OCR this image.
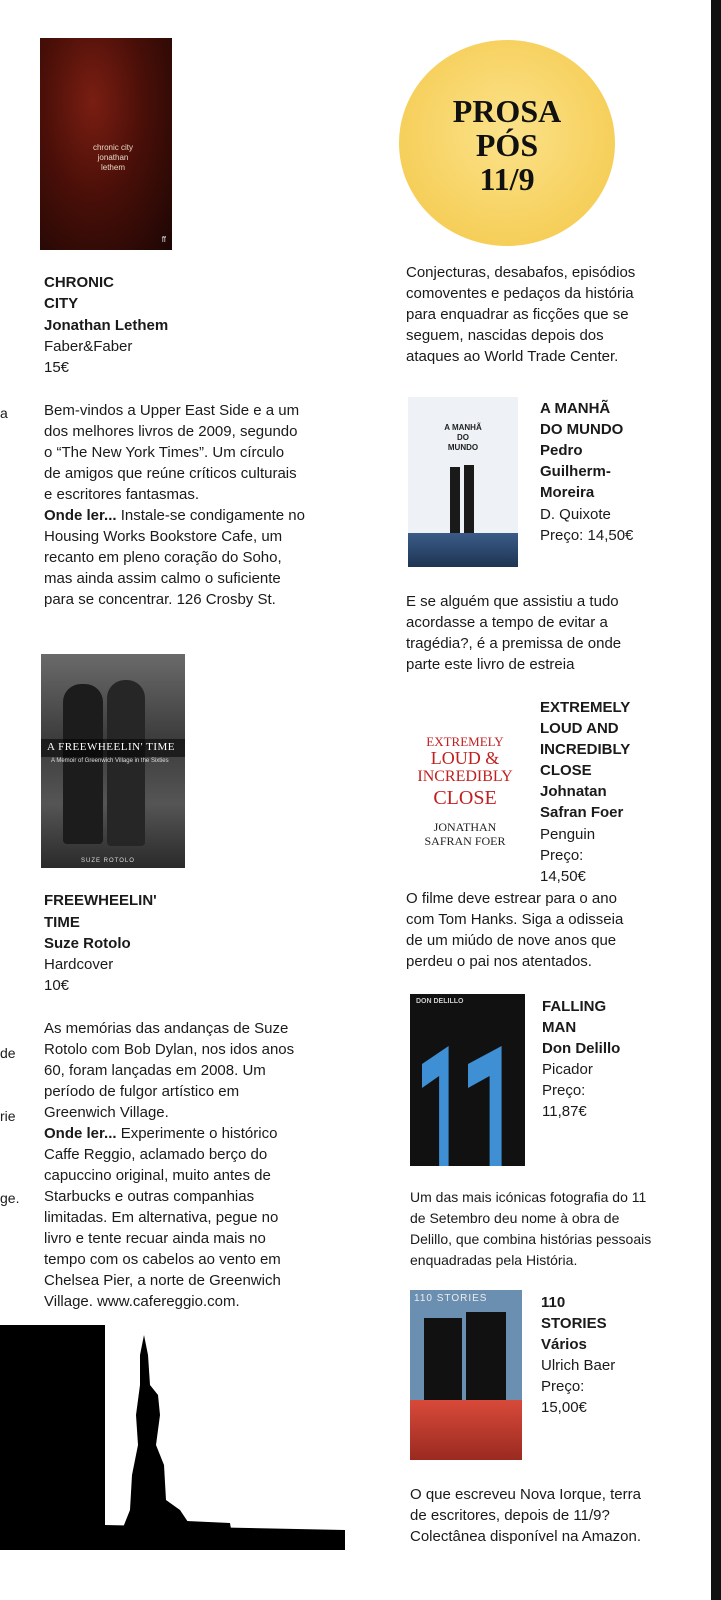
a
de
rie
ge.
chronic city jonathan lethem
ff
CHRONIC
CITY
Jonathan Lethem
Faber&Faber
15€
Bem-vindos a Upper East Side e a um
dos melhores livros de 2009, segundo
o “The New York Times”. Um círculo
de amigos que reúne críticos culturais
e escritores fantasmas.
Onde ler... Instale-se condigamente no
Housing Works Bookstore Cafe, um
recanto em pleno coração do Soho,
mas ainda assim calmo o suficiente
para se concentrar. 126 Crosby St.
A FREEWHEELIN' TIME
A Memoir of Greenwich Village in the Sixties
SUZE ROTOLO
FREEWHEELIN'
TIME
Suze Rotolo
Hardcover
10€
As memórias das andanças de Suze
Rotolo com Bob Dylan, nos idos anos
60, foram lançadas em 2008. Um
período de fulgor artístico em
Greenwich Village.
Onde ler... Experimente o histórico
Caffe Reggio, aclamado berço do
capuccino original, muito antes de
Starbucks e outras companhias
limitadas. Em alternativa, pegue no
livro e tente recuar ainda mais no
tempo com os cabelos ao vento em
Chelsea Pier, a norte de Greenwich
Village. www.cafereggio.com.
PROSA
PÓS
11/9
Conjecturas, desabafos, episódios
comoventes e pedaços da história
para enquadrar as ficções que se
seguem, nascidas depois dos
ataques ao World Trade Center.
A MANHÃ
DO
MUNDO
A MANHÃ
DO MUNDO
Pedro
Guilherm-
Moreira
D. Quixote
Preço: 14,50€
E se alguém que assistiu a tudo
acordasse a tempo de evitar a
tragédia?, é a premissa de onde
parte este livro de estreia
EXTREMELY
LOUD &
INCREDIBLY
CLOSE
JONATHAN
SAFRAN FOER
EXTREMELY
LOUD AND
INCREDIBLY
CLOSE
Johnatan
Safran Foer
Penguin
Preço:
14,50€
O filme deve estrear para o ano
com Tom Hanks. Siga a odisseia
de um miúdo de nove anos que
perdeu o pai nos atentados.
DON DELILLO	FALLING
MAN
Don Delillo
Picador
Preço:
11,87€
Um das mais icónicas fotografia do 11
de Setembro deu nome à obra de
Delillo, que combina histórias pessoais
enquadradas pela História.
110 STORIES	110
STORIES
Vários
Ulrich Baer
Preço:
15,00€
O que escreveu Nova Iorque, terra
de escritores, depois de 11/9?
Colectânea disponível na Amazon.
